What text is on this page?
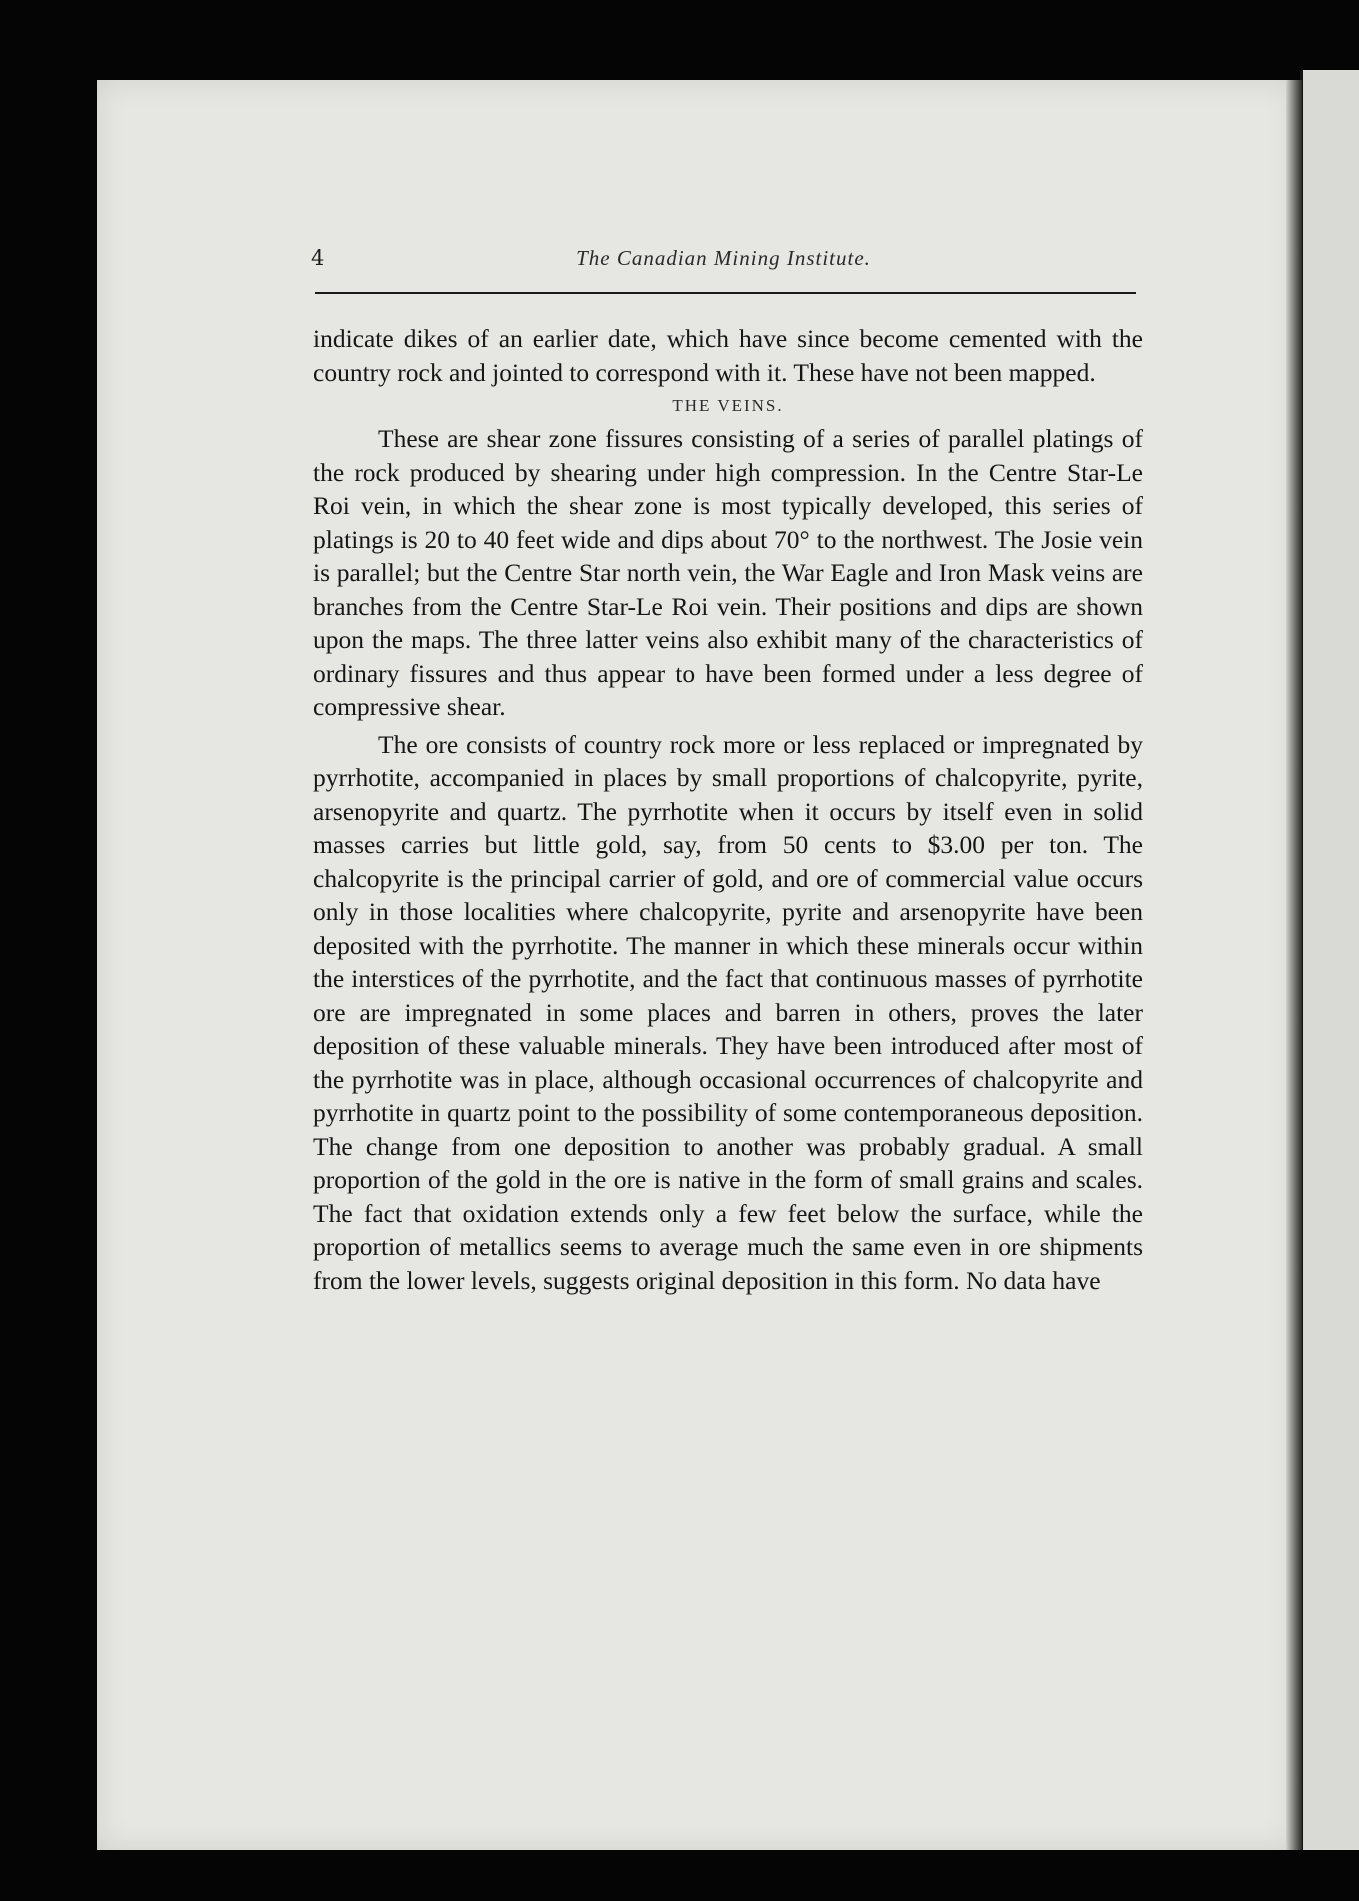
4	The Canadian Mining Institute.

indicate dikes of an earlier date, which have since become cemented with the country rock and jointed to correspond with it. These have not been mapped.

THE VEINS.

These are shear zone fissures consisting of a series of parallel platings of the rock produced by shearing under high compression. In the Centre Star-Le Roi vein, in which the shear zone is most typically developed, this series of platings is 20 to 40 feet wide and dips about 70° to the northwest. The Josie vein is parallel; but the Centre Star north vein, the War Eagle and Iron Mask veins are branches from the Centre Star-Le Roi vein. Their positions and dips are shown upon the maps. The three latter veins also exhibit many of the characteristics of ordinary fissures and thus appear to have been formed under a less degree of compressive shear.

The ore consists of country rock more or less replaced or impregnated by pyrrhotite, accompanied in places by small proportions of chalcopyrite, pyrite, arsenopyrite and quartz. The pyrrhotite when it occurs by itself even in solid masses carries but little gold, say, from 50 cents to $3.00 per ton. The chalcopyrite is the principal carrier of gold, and ore of commercial value occurs only in those localities where chalcopyrite, pyrite and arsenopyrite have been deposited with the pyrrhotite. The manner in which these minerals occur within the interstices of the pyrrhotite, and the fact that continuous masses of pyrrhotite ore are impregnated in some places and barren in others, proves the later deposition of these valuable minerals. They have been introduced after most of the pyrrhotite was in place, although occasional occurrences of chalcopyrite and pyrrhotite in quartz point to the possibility of some contemporaneous deposition. The change from one deposition to another was probably gradual. A small proportion of the gold in the ore is native in the form of small grains and scales. The fact that oxidation extends only a few feet below the surface, while the proportion of metallics seems to average much the same even in ore shipments from the lower levels, suggests original deposition in this form. No data have
